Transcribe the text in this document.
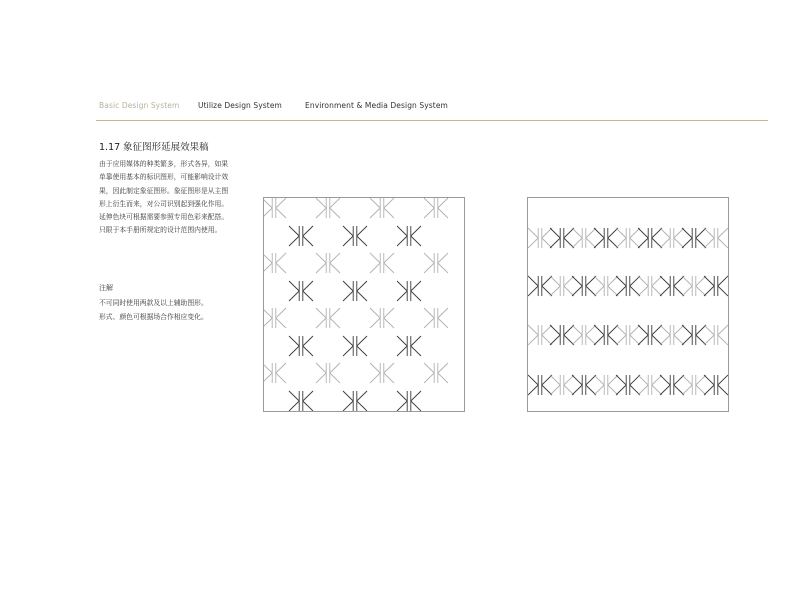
Basic Design System Utilize Design System	Environment & Media Design System
1.17 象征图形延展效果稿
由于应用媒体的种类繁多，形式各异，如果
单靠使用基本的标识图形，可能影响设计效
果，因此制定象征图形。象征图形是从主图
形上衍生而来，对公司识别起到强化作用。
延伸色块可根据需要参照专用色彩来配搭。
只限于本手册所规定的设计范围内使用。
注解
不可同时使用两款及以上辅助图形。
形式、颜色可根据场合作相应变化。
